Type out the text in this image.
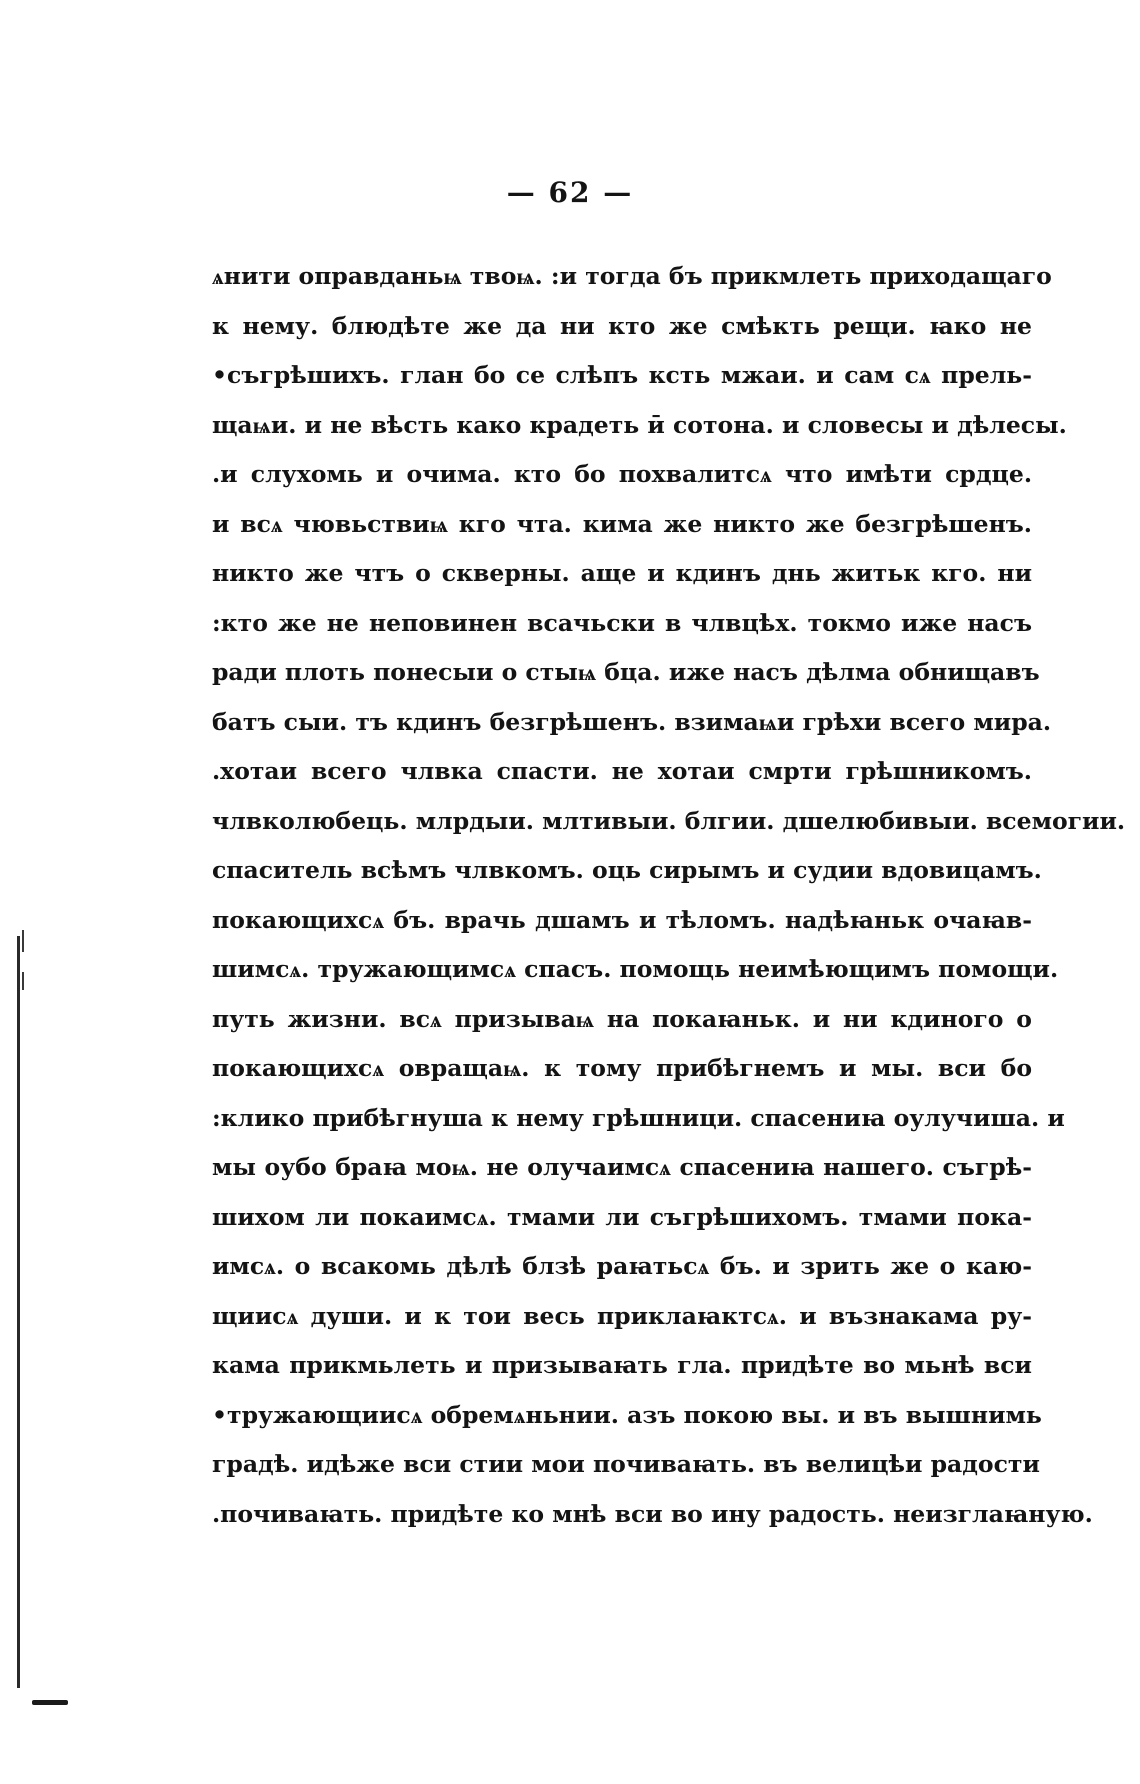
— 62 —
ѧнити оправданьѩ твоѩ. :и тогда бъ прикмлеть приходащаго
к нему. блюдѣте же да ни кто же смѣкть рещи. ꙗко не
•съгрѣшихъ. глан бо се слѣпъ ксть мжаи. и сам сѧ прель-
щаѩи. и не вѣсть како крадеть ӣ сотона. и словесы и дѣлесы.
.и слухомь и очима. кто бо похвалитсѧ что имѣти срдце.
и всѧ чювьствиѩ кго чта. кима же никто же безгрѣшенъ.
никто же чтъ о скверны. аще и кдинъ днь житьк кго. ни
:кто же не неповинен всачьски в члвцѣх. токмо иже насъ
ради плоть понесыи о стыѩ бца. иже насъ дѣлма обнищавъ
батъ сыи. тъ кдинъ безгрѣшенъ. взимаѩи грѣхи всего мира.
.хотаи всего члвка спасти. не хотаи смрти грѣшникомъ.
члвколюбець. млрдыи. млтивыи. блгии. дшелюбивыи. всемогии.
спаситель всѣмъ члвкомъ. оць сирымъ и судии вдовицамъ.
покающихсѧ бъ. врачь дшамъ и тѣломъ. надѣꙗньк очаꙗв-
шимсѧ. тружающимсѧ спасъ. помощь неимѣющимъ помощи.
путь жизни. всѧ призываѩ на покаꙗньк. и ни кдиного о
покающихсѧ овращаѩ. к тому прибѣгнемъ и мы. вси бо
:клико прибѣгнуша к нему грѣшници. спасениꙗ оулучиша. и
мы оубо браꙗ моѩ. не олучаимсѧ спасениꙗ нашего. съгрѣ-
шихом ли покаимсѧ. тмами ли съгрѣшихомъ. тмами пока-
имсѧ. о всакомь дѣлѣ блзѣ раꙗтьсѧ бъ. и зрить же о каю-
щиисѧ души. и к тои весь приклаꙗктсѧ. и възнакама ру-
кама прикмьлеть и призываꙗть гла. придѣте во мьнѣ вси
•тружающиисѧ обремѧньнии. азъ покою вы. и въ вышнимь
градѣ. идѣже вси стии мои почиваꙗть. въ велицѣи радости
.почиваꙗть. придѣте ко мнѣ вси во ину радость. неизглаꙗную.
